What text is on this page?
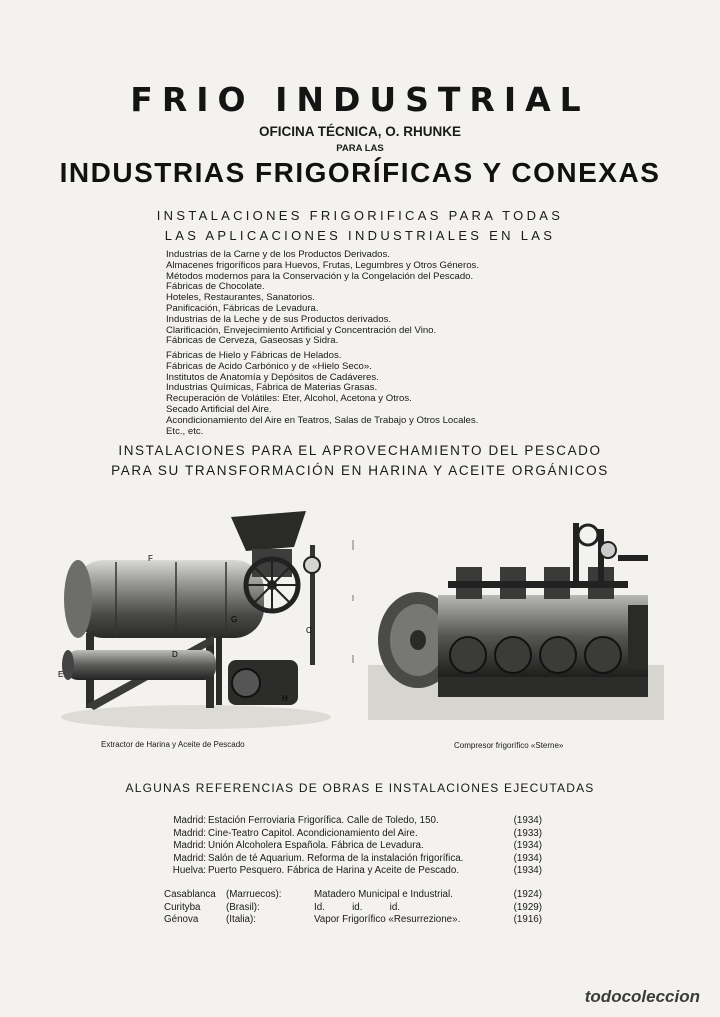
FRIO INDUSTRIAL
OFICINA TÉCNICA, O. RHUNKE
PARA LAS
INDUSTRIAS FRIGORÍFICAS Y CONEXAS
INSTALACIONES FRIGORIFICAS PARA TODAS
LAS APLICACIONES INDUSTRIALES EN LAS
Industrias de la Carne y de los Productos Derivados.
Almacenes frigoríficos para Huevos, Frutas, Legumbres y Otros Géneros.
Métodos modernos para la Conservación y la Congelación del Pescado.
Fábricas de Chocolate.
Hoteles, Restaurantes, Sanatorios.
Panificación, Fábricas de Levadura.
Industrias de la Leche y de sus Productos derivados.
Clarificación, Envejecimiento Artificial y Concentración del Vino.
Fábricas de Cerveza, Gaseosas y Sidra.
Fábricas de Hielo y Fábricas de Helados.
Fábricas de Acido Carbónico y de «Hielo Seco».
Institutos de Anatomía y Depósitos de Cadáveres.
Industrias Químicas, Fábrica de Materias Grasas.
Recuperación de Volátiles: Eter, Alcohol, Acetona y Otros.
Secado Artificial del Aire.
Acondicionamiento del Aire en Teatros, Salas de Trabajo y Otros Locales.
Etc., etc.
INSTALACIONES PARA EL APROVECHAMIENTO DEL PESCADO
PARA SU TRANSFORMACIÓN EN HARINA Y ACEITE ORGÁNICOS
F
G
E
D
C
H
Extractor de Harina y Aceite de Pescado	Compresor frigorífico «Sterne»
ALGUNAS REFERENCIAS DE OBRAS E INSTALACIONES EJECUTADAS
Madrid: Estación Ferroviaria Frigorífica. Calle de Toledo, 150.	(1934)
Madrid: Cine-Teatro Capitol. Acondicionamiento del Aire.	(1933)
Madrid: Unión Alcoholera Española. Fábrica de Levadura.	(1934)
Madrid: Salón de té Aquarium. Reforma de la instalación frigorífica.	(1934)
Huelva: Puerto Pesquero. Fábrica de Harina y Aceite de Pescado.	(1934)
Casablanca (Marruecos):	Matadero Municipal e Industrial.	(1924)
Curityba	(Brasil):	Id.          id.          id.	(1929)
Génova	(Italia):	Vapor Frigorífico «Resurrezione».	(1916)
todocoleccion
